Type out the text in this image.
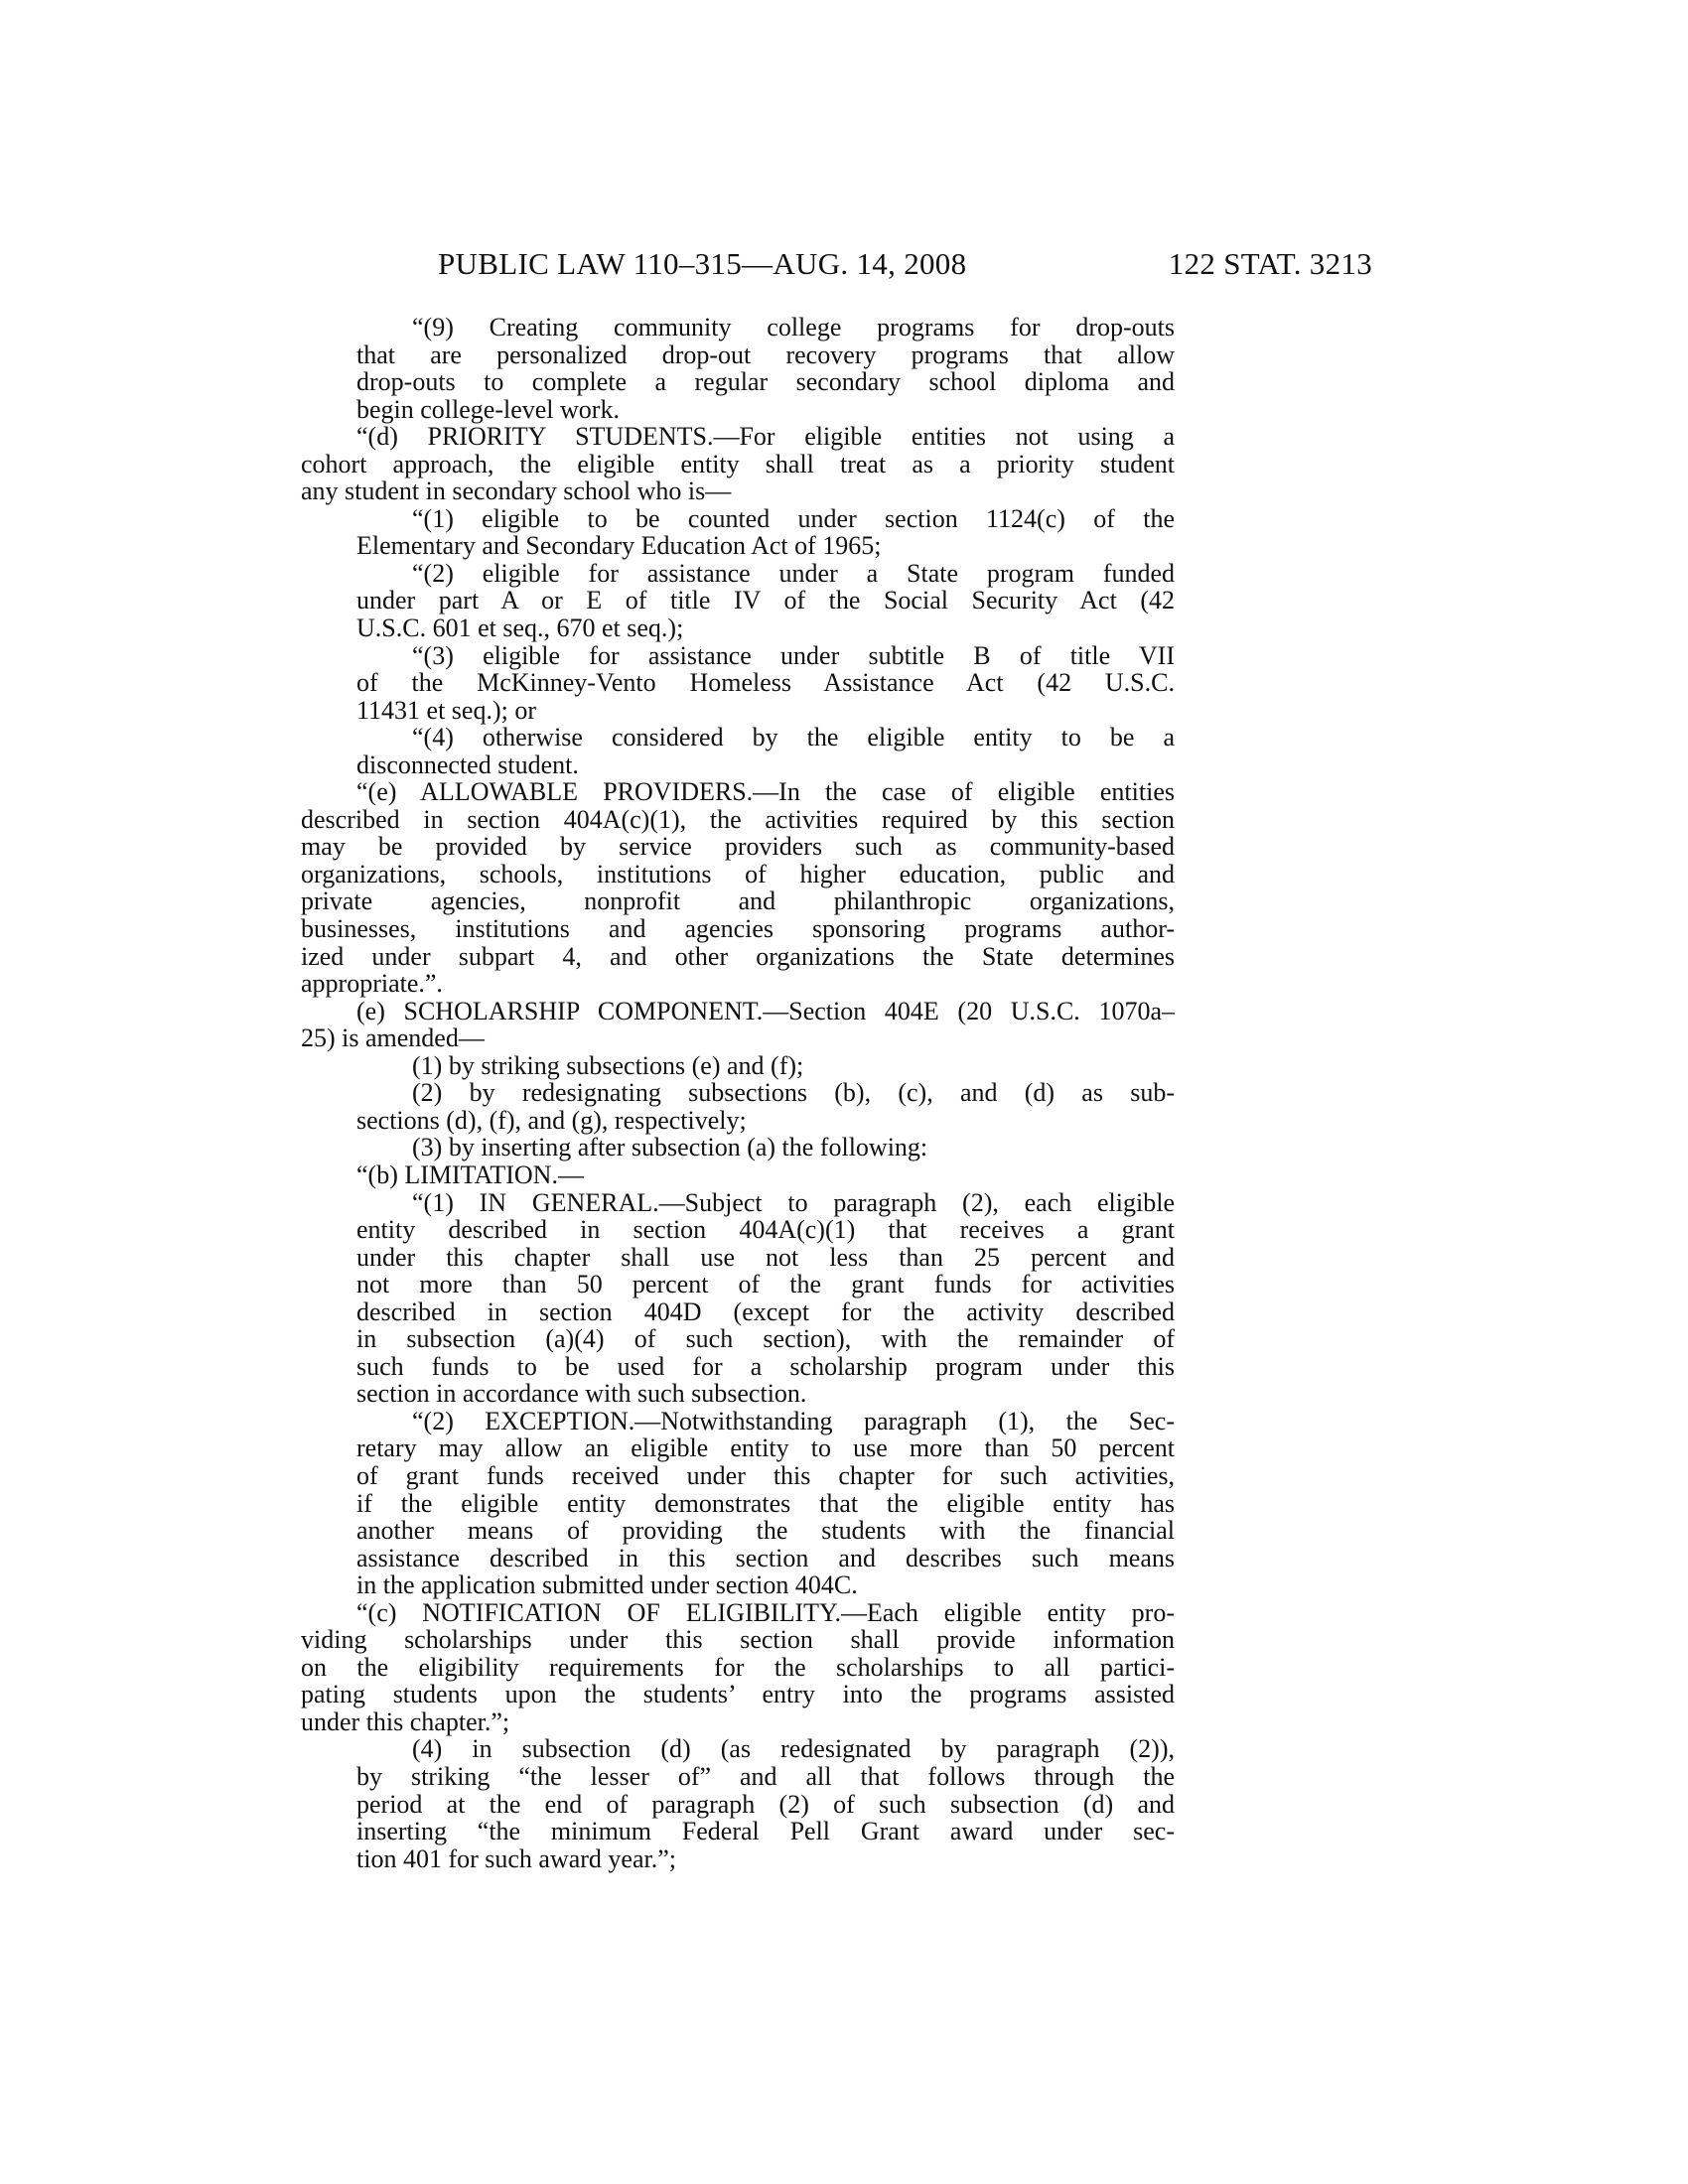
PUBLIC LAW 110–315—AUG. 14, 2008	122 STAT. 3213

“(9) Creating community college programs for drop-outs

that are personalized drop-out recovery programs that allow

drop-outs to complete a regular secondary school diploma and

begin college-level work.

“(d) PRIORITY STUDENTS.—For eligible entities not using a

cohort approach, the eligible entity shall treat as a priority student

any student in secondary school who is—

“(1) eligible to be counted under section 1124(c) of the

Elementary and Secondary Education Act of 1965;

“(2) eligible for assistance under a State program funded

under part A or E of title IV of the Social Security Act (42

U.S.C. 601 et seq., 670 et seq.);

“(3) eligible for assistance under subtitle B of title VII

of the McKinney-Vento Homeless Assistance Act (42 U.S.C.

11431 et seq.); or

“(4) otherwise considered by the eligible entity to be a

disconnected student.

“(e) ALLOWABLE PROVIDERS.—In the case of eligible entities

described in section 404A(c)(1), the activities required by this section

may be provided by service providers such as community-based

organizations, schools, institutions of higher education, public and

private agencies, nonprofit and philanthropic organizations,

businesses, institutions and agencies sponsoring programs author-

ized under subpart 4, and other organizations the State determines

appropriate.”.

(e) SCHOLARSHIP COMPONENT.—Section 404E (20 U.S.C. 1070a–

25) is amended—

(1) by striking subsections (e) and (f);

(2) by redesignating subsections (b), (c), and (d) as sub-

sections (d), (f), and (g), respectively;

(3) by inserting after subsection (a) the following:

“(b) LIMITATION.—

“(1) IN GENERAL.—Subject to paragraph (2), each eligible

entity described in section 404A(c)(1) that receives a grant

under this chapter shall use not less than 25 percent and

not more than 50 percent of the grant funds for activities

described in section 404D (except for the activity described

in subsection (a)(4) of such section), with the remainder of

such funds to be used for a scholarship program under this

section in accordance with such subsection.

“(2) EXCEPTION.—Notwithstanding paragraph (1), the Sec-

retary may allow an eligible entity to use more than 50 percent

of grant funds received under this chapter for such activities,

if the eligible entity demonstrates that the eligible entity has

another means of providing the students with the financial

assistance described in this section and describes such means

in the application submitted under section 404C.

“(c) NOTIFICATION OF ELIGIBILITY.—Each eligible entity pro-

viding scholarships under this section shall provide information

on the eligibility requirements for the scholarships to all partici-

pating students upon the students’ entry into the programs assisted

under this chapter.”;

(4) in subsection (d) (as redesignated by paragraph (2)),

by striking “the lesser of” and all that follows through the

period at the end of paragraph (2) of such subsection (d) and

inserting “the minimum Federal Pell Grant award under sec-

tion 401 for such award year.”;
